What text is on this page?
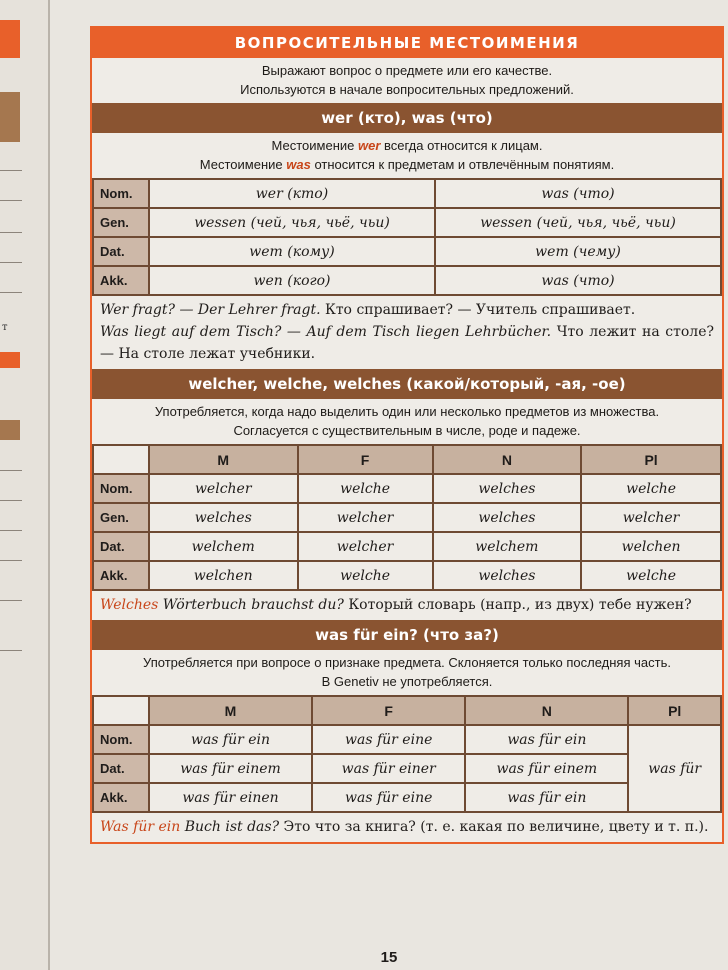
т
ВОПРОСИТЕЛЬНЫЕ МЕСТОИМЕНИЯ
Выражают вопрос о предмете или его качестве.
Используются в начале вопросительных предложений.
wer (кто), was (что)
Местоимение wer всегда относится к лицам.
Местоимение was относится к предметам и отвлечённым понятиям.
Nom.	wer (кто)	was (что)
Gen.	wessen (чей, чья, чьё, чьи)	wessen (чей, чья, чьё, чьи)
Dat.	wem (кому)	wem (чему)
Akk.	wen (кого)	was (что)
Wer fragt? — Der Lehrer fragt. Кто спрашивает? — Учитель спрашивает.
Was liegt auf dem Tisch? — Auf dem Tisch liegen Lehrbücher. Что лежит на столе? — На столе лежат учебники.
welcher, welche, welches (какой/который, -ая, -ое)
Употребляется, когда надо выделить один или несколько предметов из множества.
Согласуется с существительным в числе, роде и падеже.
	M	F	N	Pl
Nom.	welcher	welche	welches	welche
Gen.	welches	welcher	welches	welcher
Dat.	welchem	welcher	welchem	welchen
Akk.	welchen	welche	welches	welche
Welches Wörterbuch brauchst du? Который словарь (напр., из двух) тебе нужен?
was für ein? (что за?)
Употребляется при вопросе о признаке предмета. Склоняется только последняя часть.
В Genetiv не употребляется.
	M	F	N	Pl
Nom.	was für ein	was für eine	was für ein	was für
Dat.	was für einem	was für einer	was für einem	
Akk.	was für einen	was für eine	was für ein	
Was für ein Buch ist das? Это что за книга? (т. е. какая по величине, цвету и т. п.).
15
